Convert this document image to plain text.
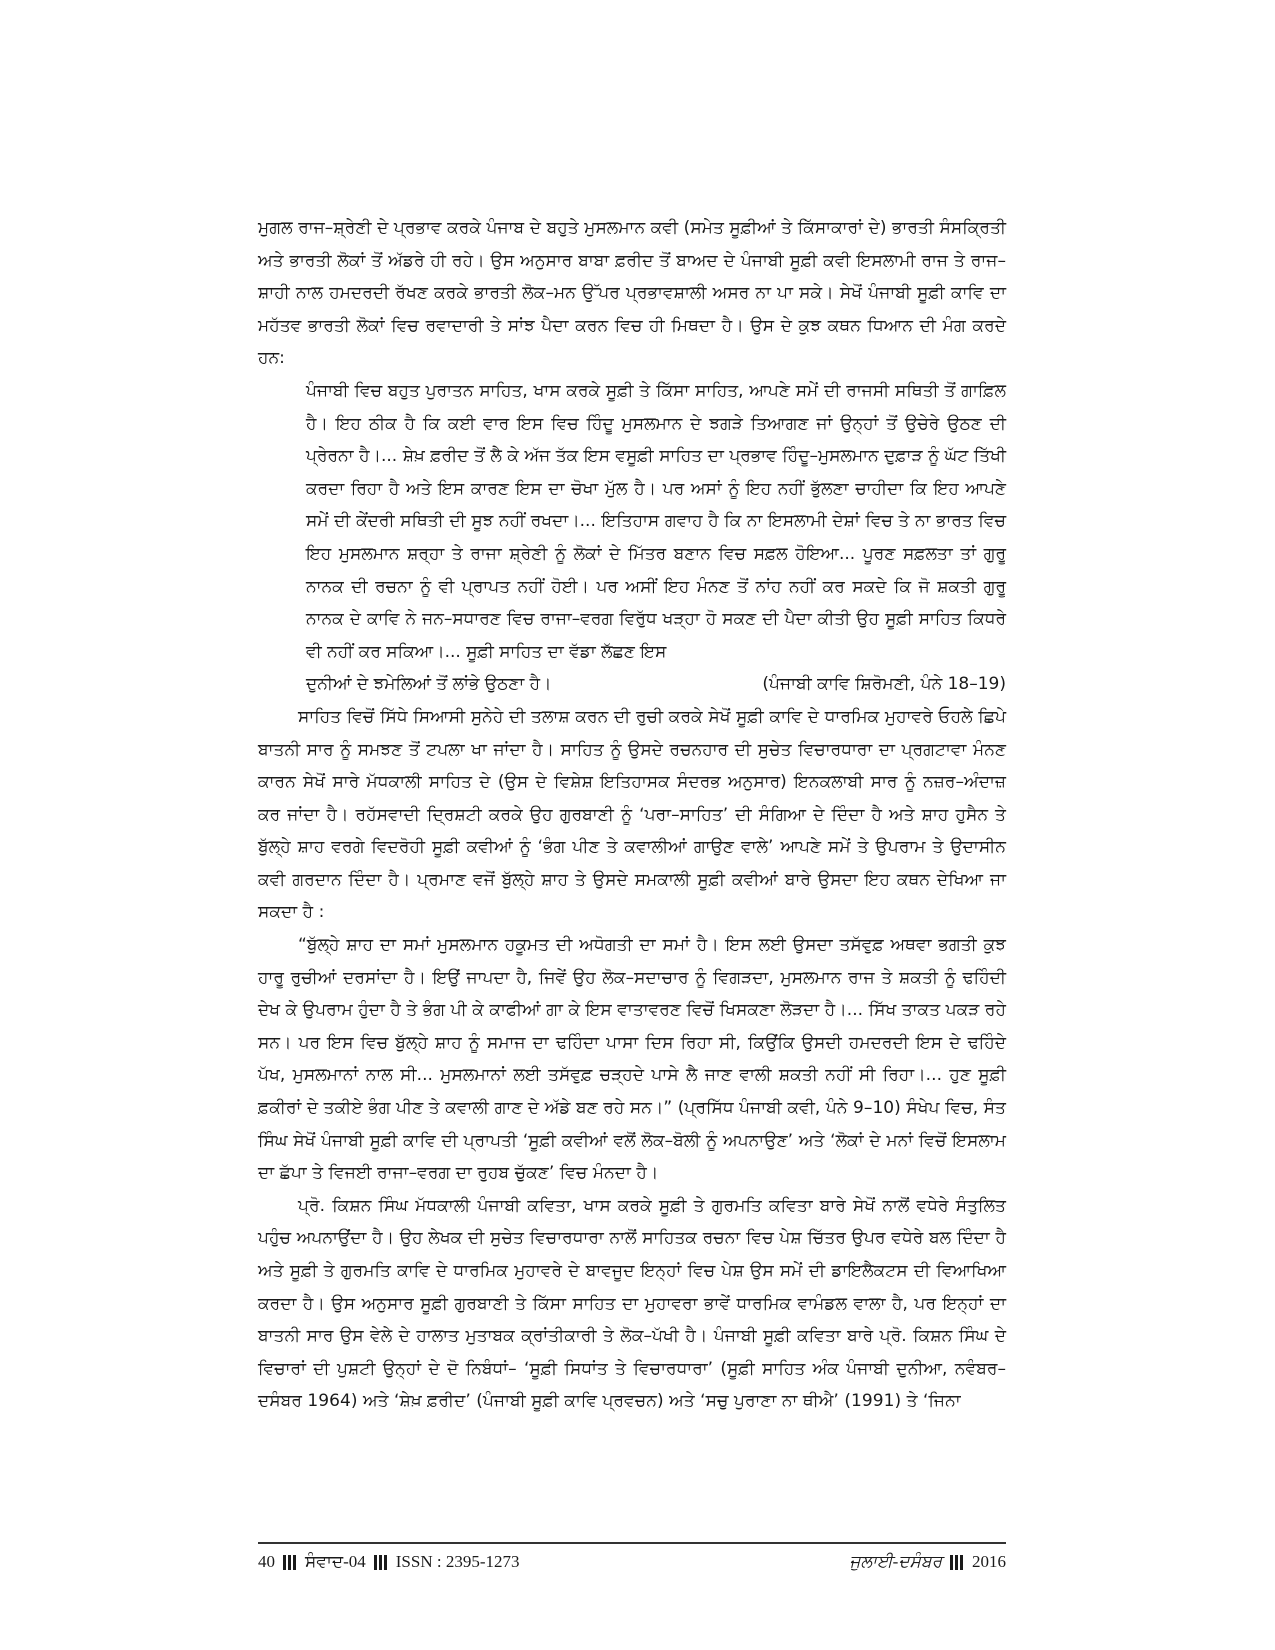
ਮੁਗਲ ਰਾਜ–ਸ਼੍ਰੇਣੀ ਦੇ ਪ੍ਰਭਾਵ ਕਰਕੇ ਪੰਜਾਬ ਦੇ ਬਹੁਤੇ ਮੁਸਲਮਾਨ ਕਵੀ (ਸਮੇਤ ਸੂਫ਼ੀਆਂ ਤੇ ਕਿੱਸਾਕਾਰਾਂ ਦੇ) ਭਾਰਤੀ ਸੰਸਕ੍ਰਿਤੀ ਅਤੇ ਭਾਰਤੀ ਲੋਕਾਂ ਤੋਂ ਅੱਡਰੇ ਹੀ ਰਹੇ। ਉਸ ਅਨੁਸਾਰ ਬਾਬਾ ਫ਼ਰੀਦ ਤੋਂ ਬਾਅਦ ਦੇ ਪੰਜਾਬੀ ਸੂਫ਼ੀ ਕਵੀ ਇਸਲਾਮੀ ਰਾਜ ਤੇ ਰਾਜ–ਸ਼ਾਹੀ ਨਾਲ ਹਮਦਰਦੀ ਰੱਖਣ ਕਰਕੇ ਭਾਰਤੀ ਲੋਕ–ਮਨ ਉੱਪਰ ਪ੍ਰਭਾਵਸ਼ਾਲੀ ਅਸਰ ਨਾ ਪਾ ਸਕੇ। ਸੇਖੋਂ ਪੰਜਾਬੀ ਸੂਫ਼ੀ ਕਾਵਿ ਦਾ ਮਹੱਤਵ ਭਾਰਤੀ ਲੋਕਾਂ ਵਿਚ ਰਵਾਦਾਰੀ ਤੇ ਸਾਂਝ ਪੈਦਾ ਕਰਨ ਵਿਚ ਹੀ ਮਿਥਦਾ ਹੈ। ਉਸ ਦੇ ਕੁਝ ਕਥਨ ਧਿਆਨ ਦੀ ਮੰਗ ਕਰਦੇ ਹਨ:

ਪੰਜਾਬੀ ਵਿਚ ਬਹੁਤ ਪੁਰਾਤਨ ਸਾਹਿਤ, ਖਾਸ ਕਰਕੇ ਸੂਫ਼ੀ ਤੇ ਕਿੱਸਾ ਸਾਹਿਤ, ਆਪਣੇ ਸਮੇਂ ਦੀ ਰਾਜਸੀ ਸਥਿਤੀ ਤੋਂ ਗਾਫ਼ਿਲ ਹੈ। ਇਹ ਠੀਕ ਹੈ ਕਿ ਕਈ ਵਾਰ ਇਸ ਵਿਚ ਹਿੰਦੂ ਮੁਸਲਮਾਨ ਦੇ ਝਗੜੇ ਤਿਆਗਣ ਜਾਂ ਉਨ੍ਹਾਂ ਤੋਂ ਉਚੇਰੇ ਉਠਣ ਦੀ ਪ੍ਰੇਰਨਾ ਹੈ।... ਸ਼ੇਖ਼ ਫ਼ਰੀਦ ਤੋਂ ਲੈ ਕੇ ਅੱਜ ਤੱਕ ਇਸ ਵਸੂਫ਼ੀ ਸਾਹਿਤ ਦਾ ਪ੍ਰਭਾਵ ਹਿੰਦੂ–ਮੁਸਲਮਾਨ ਦੁਫ਼ਾੜ ਨੂੰ ਘੱਟ ਤਿੱਖੀ ਕਰਦਾ ਰਿਹਾ ਹੈ ਅਤੇ ਇਸ ਕਾਰਣ ਇਸ ਦਾ ਚੋਖਾ ਮੁੱਲ ਹੈ। ਪਰ ਅਸਾਂ ਨੂੰ ਇਹ ਨਹੀਂ ਭੁੱਲਣਾ ਚਾਹੀਦਾ ਕਿ ਇਹ ਆਪਣੇ ਸਮੇਂ ਦੀ ਕੇਂਦਰੀ ਸਥਿਤੀ ਦੀ ਸੂਝ ਨਹੀਂ ਰਖਦਾ।... ਇਤਿਹਾਸ ਗਵਾਹ ਹੈ ਕਿ ਨਾ ਇਸਲਾਮੀ ਦੇਸ਼ਾਂ ਵਿਚ ਤੇ ਨਾ ਭਾਰਤ ਵਿਚ ਇਹ ਮੁਸਲਮਾਨ ਸ਼ਰ੍ਹਾ ਤੇ ਰਾਜਾ ਸ਼੍ਰੇਣੀ ਨੂੰ ਲੋਕਾਂ ਦੇ ਮਿੱਤਰ ਬਣਾਨ ਵਿਚ ਸਫ਼ਲ ਹੋਇਆ... ਪੂਰਣ ਸਫ਼ਲਤਾ ਤਾਂ ਗੁਰੂ ਨਾਨਕ ਦੀ ਰਚਨਾ ਨੂੰ ਵੀ ਪ੍ਰਾਪਤ ਨਹੀਂ ਹੋਈ। ਪਰ ਅਸੀਂ ਇਹ ਮੰਨਣ ਤੋਂ ਨਾਂਹ ਨਹੀਂ ਕਰ ਸਕਦੇ ਕਿ ਜੋ ਸ਼ਕਤੀ ਗੁਰੂ ਨਾਨਕ ਦੇ ਕਾਵਿ ਨੇ ਜਨ–ਸਧਾਰਣ ਵਿਚ ਰਾਜਾ–ਵਰਗ ਵਿਰੁੱਧ ਖੜ੍ਹਾ ਹੋ ਸਕਣ ਦੀ ਪੈਦਾ ਕੀਤੀ ਉਹ ਸੂਫ਼ੀ ਸਾਹਿਤ ਕਿਧਰੇ ਵੀ ਨਹੀਂ ਕਰ ਸਕਿਆ।... ਸੂਫ਼ੀ ਸਾਹਿਤ ਦਾ ਵੱਡਾ ਲੱਛਣ ਇਸ
ਦੁਨੀਆਂ ਦੇ ਝਮੇਲਿਆਂ ਤੋਂ ਲਾਂਭੇ ਉਠਣਾ ਹੈ।	(ਪੰਜਾਬੀ ਕਾਵਿ ਸ਼ਿਰੋਮਣੀ, ਪੰਨੇ 18–19)

ਸਾਹਿਤ ਵਿਚੋਂ ਸਿੱਧੇ ਸਿਆਸੀ ਸੁਨੇਹੇ ਦੀ ਤਲਾਸ਼ ਕਰਨ ਦੀ ਰੁਚੀ ਕਰਕੇ ਸੇਖੋਂ ਸੂਫ਼ੀ ਕਾਵਿ ਦੇ ਧਾਰਮਿਕ ਮੁਹਾਵਰੇ ਓਹਲੇ ਛਿਪੇ ਬਾਤਨੀ ਸਾਰ ਨੂੰ ਸਮਝਣ ਤੋਂ ਟਪਲਾ ਖਾ ਜਾਂਦਾ ਹੈ। ਸਾਹਿਤ ਨੂੰ ਉਸਦੇ ਰਚਨਹਾਰ ਦੀ ਸੁਚੇਤ ਵਿਚਾਰਧਾਰਾ ਦਾ ਪ੍ਰਗਟਾਵਾ ਮੰਨਣ ਕਾਰਨ ਸੇਖੋਂ ਸਾਰੇ ਮੱਧਕਾਲੀ ਸਾਹਿਤ ਦੇ (ਉਸ ਦੇ ਵਿਸ਼ੇਸ਼ ਇਤਿਹਾਸਕ ਸੰਦਰਭ ਅਨੁਸਾਰ) ਇਨਕਲਾਬੀ ਸਾਰ ਨੂੰ ਨਜ਼ਰ–ਅੰਦਾਜ਼ ਕਰ ਜਾਂਦਾ ਹੈ। ਰਹੱਸਵਾਦੀ ਦ੍ਰਿਸ਼ਟੀ ਕਰਕੇ ਉਹ ਗੁਰਬਾਣੀ ਨੂੰ ‘ਪਰਾ–ਸਾਹਿਤ’ ਦੀ ਸੰਗਿਆ ਦੇ ਦਿੰਦਾ ਹੈ ਅਤੇ ਸ਼ਾਹ ਹੁਸੈਨ ਤੇ ਬੁੱਲ੍ਹੇ ਸ਼ਾਹ ਵਰਗੇ ਵਿਦਰੋਹੀ ਸੂਫ਼ੀ ਕਵੀਆਂ ਨੂੰ ‘ਭੰਗ ਪੀਣ ਤੇ ਕਵਾਲੀਆਂ ਗਾਉਣ ਵਾਲੇ’ ਆਪਣੇ ਸਮੇਂ ਤੇ ਉਪਰਾਮ ਤੇ ਉਦਾਸੀਨ ਕਵੀ ਗਰਦਾਨ ਦਿੰਦਾ ਹੈ। ਪ੍ਰਮਾਣ ਵਜੋਂ ਬੁੱਲ੍ਹੇ ਸ਼ਾਹ ਤੇ ਉਸਦੇ ਸਮਕਾਲੀ ਸੂਫ਼ੀ ਕਵੀਆਂ ਬਾਰੇ ਉਸਦਾ ਇਹ ਕਥਨ ਦੇਖਿਆ ਜਾ ਸਕਦਾ ਹੈ :

“ਬੁੱਲ੍ਹੇ ਸ਼ਾਹ ਦਾ ਸਮਾਂ ਮੁਸਲਮਾਨ ਹਕੂਮਤ ਦੀ ਅਧੋਗਤੀ ਦਾ ਸਮਾਂ ਹੈ। ਇਸ ਲਈ ਉਸਦਾ ਤਸੱਵੁਫ਼ ਅਥਵਾ ਭਗਤੀ ਕੁਝ ਹਾਰੂ ਰੁਚੀਆਂ ਦਰਸਾਂਦਾ ਹੈ। ਇਉਂ ਜਾਪਦਾ ਹੈ, ਜਿਵੇਂ ਉਹ ਲੋਕ–ਸਦਾਚਾਰ ਨੂੰ ਵਿਗੜਦਾ, ਮੁਸਲਮਾਨ ਰਾਜ ਤੇ ਸ਼ਕਤੀ ਨੂੰ ਢਹਿੰਦੀ ਦੇਖ ਕੇ ਉਪਰਾਮ ਹੁੰਦਾ ਹੈ ਤੇ ਭੰਗ ਪੀ ਕੇ ਕਾਫੀਆਂ ਗਾ ਕੇ ਇਸ ਵਾਤਾਵਰਣ ਵਿਚੋਂ ਖਿਸਕਣਾ ਲੋੜਦਾ ਹੈ।... ਸਿੱਖ ਤਾਕਤ ਪਕੜ ਰਹੇ ਸਨ। ਪਰ ਇਸ ਵਿਚ ਬੁੱਲ੍ਹੇ ਸ਼ਾਹ ਨੂੰ ਸਮਾਜ ਦਾ ਢਹਿੰਦਾ ਪਾਸਾ ਦਿਸ ਰਿਹਾ ਸੀ, ਕਿਉਂਕਿ ਉਸਦੀ ਹਮਦਰਦੀ ਇਸ ਦੇ ਢਹਿੰਦੇ ਪੱਖ, ਮੁਸਲਮਾਨਾਂ ਨਾਲ ਸੀ... ਮੁਸਲਮਾਨਾਂ ਲਈ ਤਸੱਵੁਫ਼ ਚੜ੍ਹਦੇ ਪਾਸੇ ਲੈ ਜਾਣ ਵਾਲੀ ਸ਼ਕਤੀ ਨਹੀਂ ਸੀ ਰਿਹਾ।... ਹੁਣ ਸੂਫ਼ੀ ਫ਼ਕੀਰਾਂ ਦੇ ਤਕੀਏ ਭੰਗ ਪੀਣ ਤੇ ਕਵਾਲੀ ਗਾਣ ਦੇ ਅੱਡੇ ਬਣ ਰਹੇ ਸਨ।” (ਪ੍ਰਸਿੱਧ ਪੰਜਾਬੀ ਕਵੀ, ਪੰਨੇ 9–10) ਸੰਖੇਪ ਵਿਚ, ਸੰਤ ਸਿੰਘ ਸੇਖੋਂ ਪੰਜਾਬੀ ਸੂਫ਼ੀ ਕਾਵਿ ਦੀ ਪ੍ਰਾਪਤੀ ‘ਸੂਫ਼ੀ ਕਵੀਆਂ ਵਲੋਂ ਲੋਕ–ਬੋਲੀ ਨੂੰ ਅਪਨਾਉਣ’ ਅਤੇ ‘ਲੋਕਾਂ ਦੇ ਮਨਾਂ ਵਿਚੋਂ ਇਸਲਾਮ ਦਾ ਛੱਪਾ ਤੇ ਵਿਜਈ ਰਾਜਾ–ਵਰਗ ਦਾ ਰੁਹਬ ਚੁੱਕਣ’ ਵਿਚ ਮੰਨਦਾ ਹੈ।

ਪ੍ਰੋ. ਕਿਸ਼ਨ ਸਿੰਘ ਮੱਧਕਾਲੀ ਪੰਜਾਬੀ ਕਵਿਤਾ, ਖਾਸ ਕਰਕੇ ਸੂਫ਼ੀ ਤੇ ਗੁਰਮਤਿ ਕਵਿਤਾ ਬਾਰੇ ਸੇਖੋਂ ਨਾਲੋਂ ਵਧੇਰੇ ਸੰਤੁਲਿਤ ਪਹੁੰਚ ਅਪਨਾਉਂਦਾ ਹੈ। ਉਹ ਲੇਖਕ ਦੀ ਸੁਚੇਤ ਵਿਚਾਰਧਾਰਾ ਨਾਲੋਂ ਸਾਹਿਤਕ ਰਚਨਾ ਵਿਚ ਪੇਸ਼ ਚਿੱਤਰ ਉਪਰ ਵਧੇਰੇ ਬਲ ਦਿੰਦਾ ਹੈ ਅਤੇ ਸੂਫ਼ੀ ਤੇ ਗੁਰਮਤਿ ਕਾਵਿ ਦੇ ਧਾਰਮਿਕ ਮੁਹਾਵਰੇ ਦੇ ਬਾਵਜੂਦ ਇਨ੍ਹਾਂ ਵਿਚ ਪੇਸ਼ ਉਸ ਸਮੇਂ ਦੀ ਡਾਇਲੈਕਟਸ ਦੀ ਵਿਆਖਿਆ ਕਰਦਾ ਹੈ। ਉਸ ਅਨੁਸਾਰ ਸੂਫ਼ੀ ਗੁਰਬਾਣੀ ਤੇ ਕਿੱਸਾ ਸਾਹਿਤ ਦਾ ਮੁਹਾਵਰਾ ਭਾਵੇਂ ਧਾਰਮਿਕ ਵਾਮੰਡਲ ਵਾਲਾ ਹੈ, ਪਰ ਇਨ੍ਹਾਂ ਦਾ ਬਾਤਨੀ ਸਾਰ ਉਸ ਵੇਲੇ ਦੇ ਹਾਲਾਤ ਮੁਤਾਬਕ ਕ੍ਰਾਂਤੀਕਾਰੀ ਤੇ ਲੋਕ–ਪੱਖੀ ਹੈ। ਪੰਜਾਬੀ ਸੂਫ਼ੀ ਕਵਿਤਾ ਬਾਰੇ ਪ੍ਰੋ. ਕਿਸ਼ਨ ਸਿੰਘ ਦੇ ਵਿਚਾਰਾਂ ਦੀ ਪੁਸ਼ਟੀ ਉਨ੍ਹਾਂ ਦੇ ਦੋ ਨਿਬੰਧਾਂ– ‘ਸੂਫ਼ੀ ਸਿਧਾਂਤ ਤੇ ਵਿਚਾਰਧਾਰਾ’ (ਸੂਫ਼ੀ ਸਾਹਿਤ ਅੰਕ ਪੰਜਾਬੀ ਦੁਨੀਆ, ਨਵੰਬਰ–ਦਸੰਬਰ 1964) ਅਤੇ ‘ਸ਼ੇਖ਼ ਫ਼ਰੀਦ’ (ਪੰਜਾਬੀ ਸੂਫ਼ੀ ਕਾਵਿ ਪ੍ਰਵਚਨ) ਅਤੇ ‘ਸਚੁ ਪੁਰਾਣਾ ਨਾ ਥੀਐ’ (1991) ਤੇ ‘ਜਿਨਾ

40 ਸੰਵਾਦ-04 ISSN : 2395-1273	ਜੁਲਾਈ-ਦਸੰਬਰ 2016
